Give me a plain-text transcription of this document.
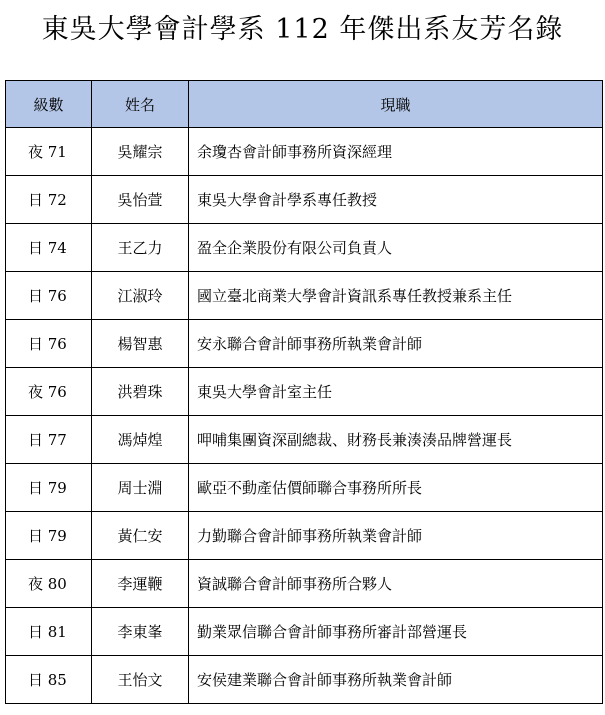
東吳大學會計學系 112 年傑出系友芳名錄
級數	姓名	現職
夜 71	吳耀宗	余瓊杏會計師事務所資深經理
日 72	吳怡萱	東吳大學會計學系專任教授
日 74	王乙力	盈全企業股份有限公司負責人
日 76	江淑玲	國立臺北商業大學會計資訊系專任教授兼系主任
日 76	楊智惠	安永聯合會計師事務所執業會計師
夜 76	洪碧珠	東吳大學會計室主任
日 77	馮焯煌	呷哺集團資深副總裁、財務長兼湊湊品牌營運長
日 79	周士淵	歐亞不動產估價師聯合事務所所長
日 79	黃仁安	力勤聯合會計師事務所執業會計師
夜 80	李運鞭	資誠聯合會計師事務所合夥人
日 81	李東峯	勤業眾信聯合會計師事務所審計部營運長
日 85	王怡文	安侯建業聯合會計師事務所執業會計師
